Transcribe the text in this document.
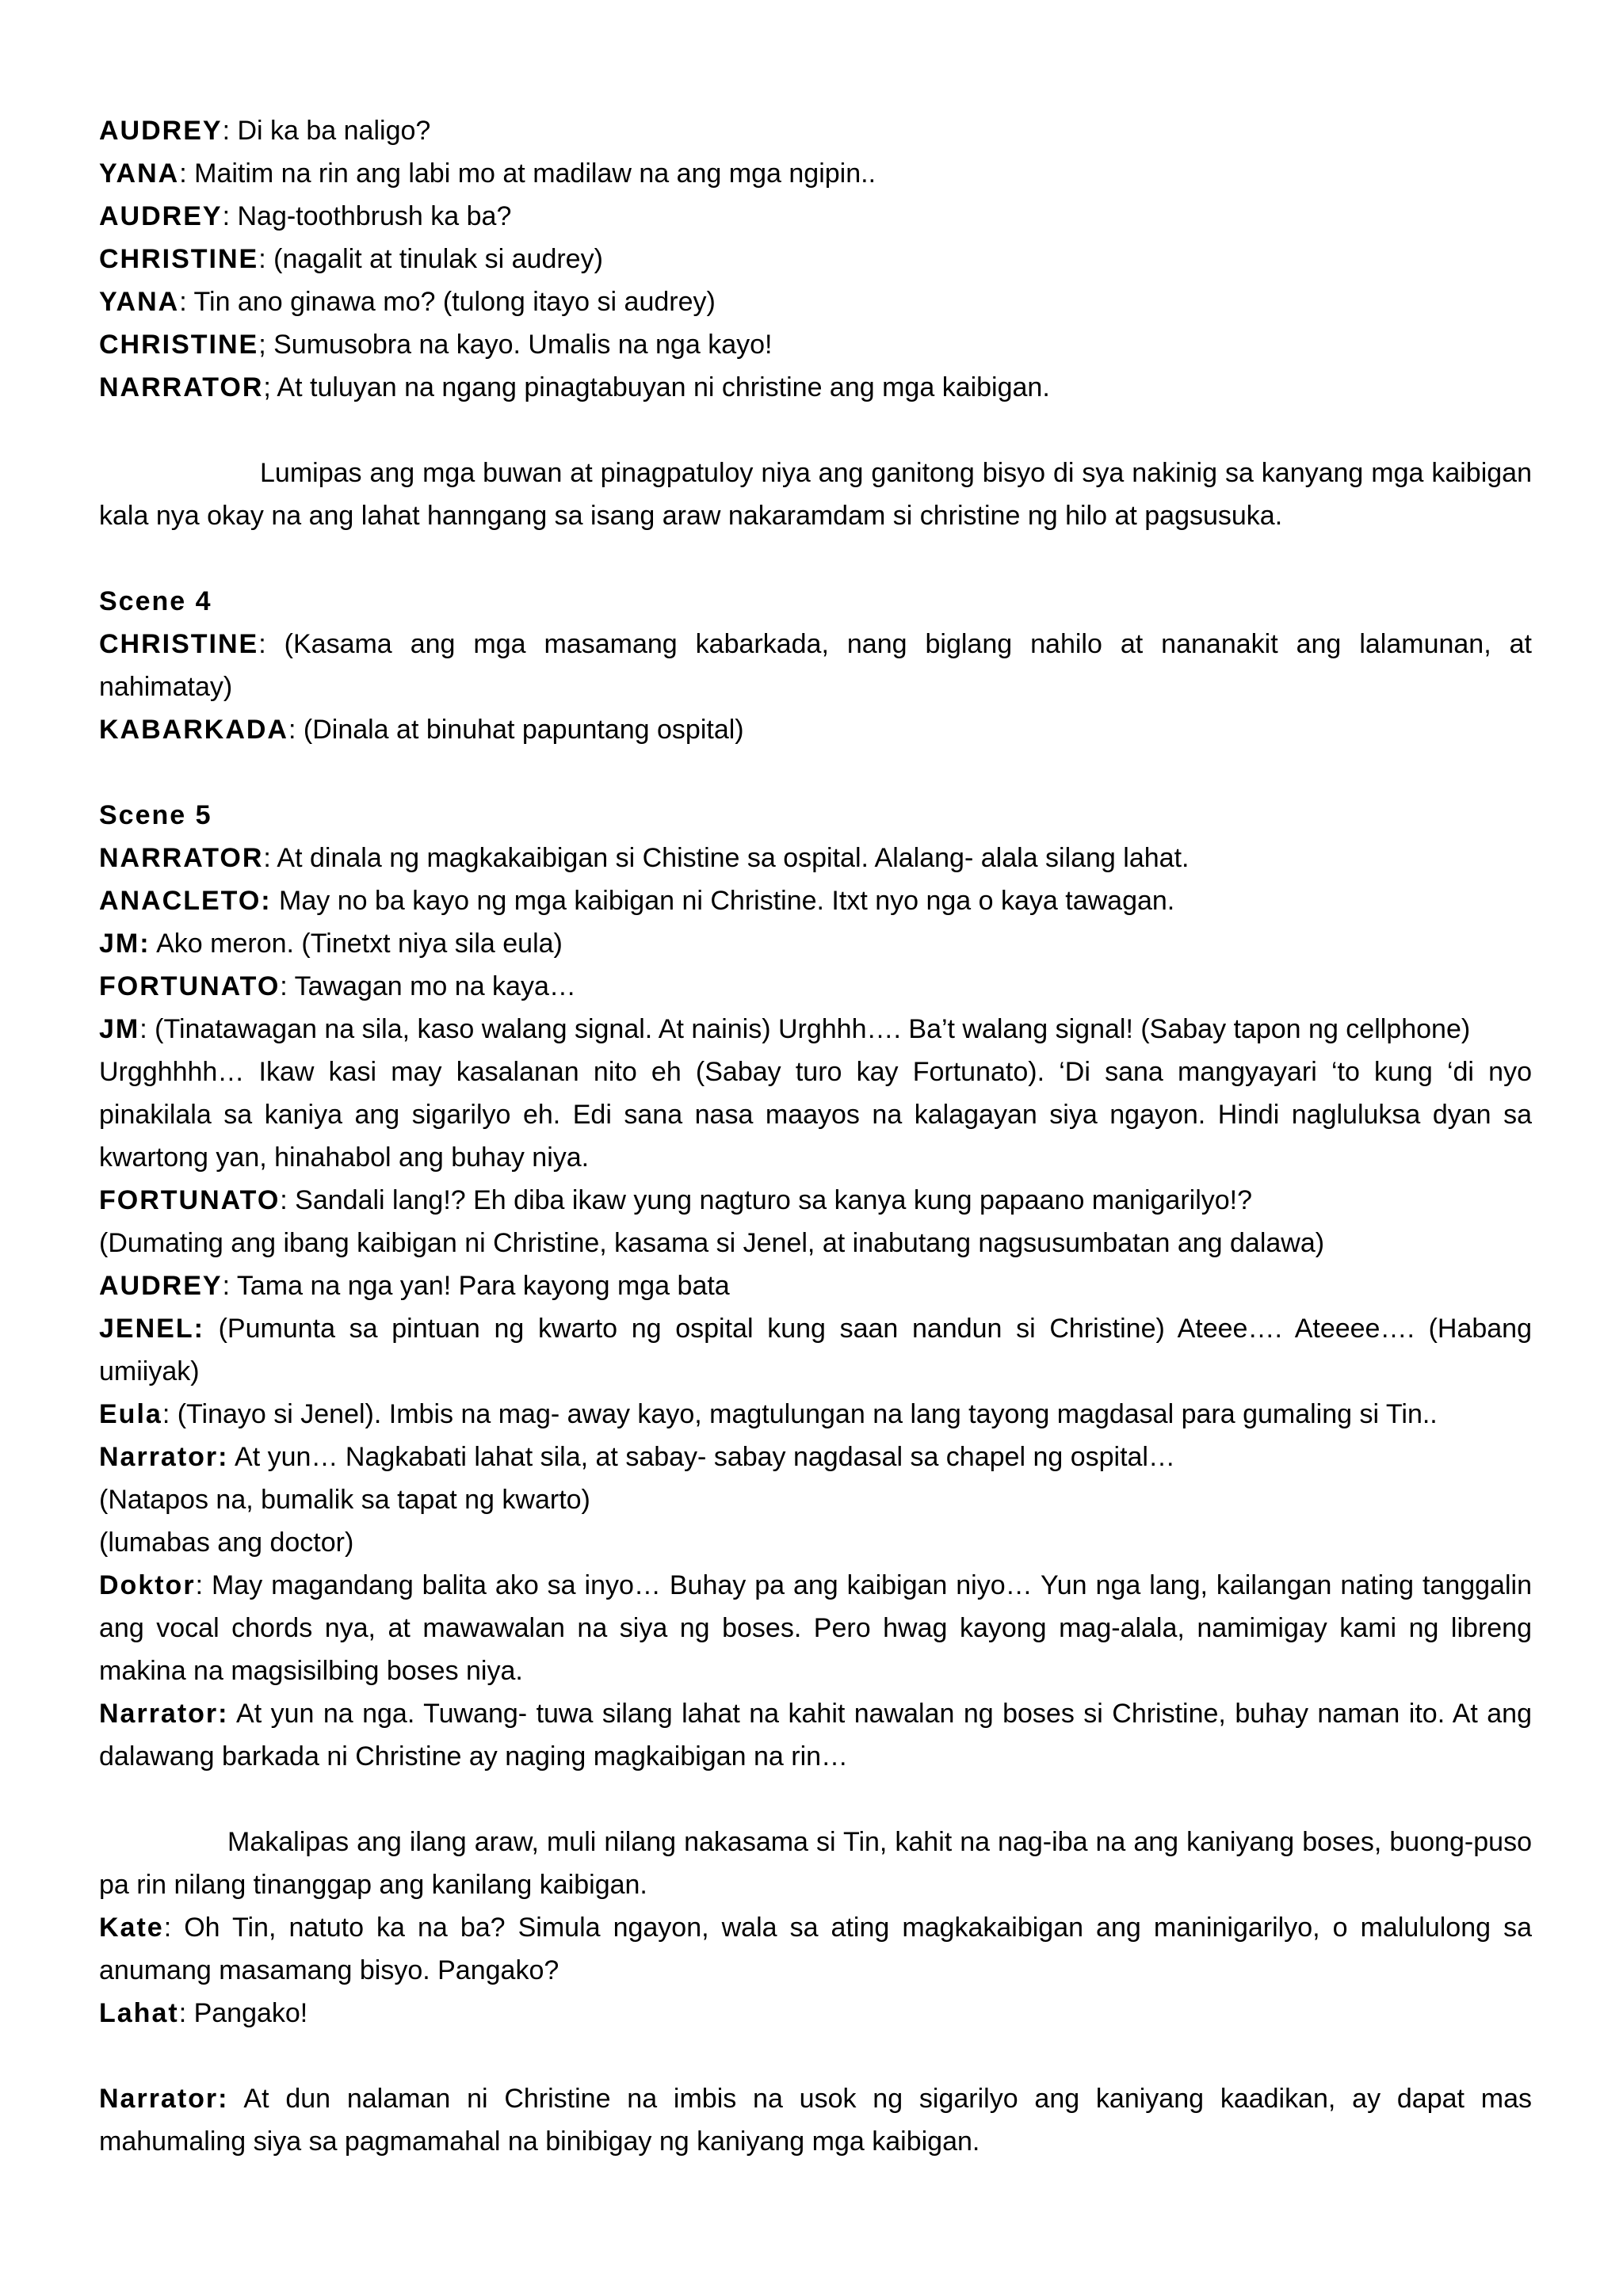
AUDREY: Di ka ba naligo?

YANA: Maitim na rin ang labi mo at madilaw na ang mga ngipin..

AUDREY: Nag-toothbrush ka ba?

CHRISTINE: (nagalit at tinulak si audrey)

YANA: Tin ano ginawa mo? (tulong itayo si audrey)

CHRISTINE; Sumusobra na kayo. Umalis na nga kayo!

NARRATOR; At tuluyan na ngang pinagtabuyan ni christine ang mga kaibigan.

Lumipas ang mga buwan at pinagpatuloy niya ang ganitong bisyo di sya nakinig sa kanyang mga kaibigan kala nya okay na ang lahat hanngang sa isang araw nakaramdam si christine ng hilo at pagsusuka.

Scene 4

CHRISTINE: (Kasama ang mga masamang kabarkada, nang biglang nahilo at nananakit ang lalamunan, at nahimatay)

KABARKADA: (Dinala at binuhat papuntang ospital)

Scene 5

NARRATOR: At dinala ng magkakaibigan si Chistine sa ospital. Alalang- alala silang lahat.

ANACLETO: May no ba kayo ng mga kaibigan ni Christine. Itxt nyo nga o kaya tawagan.

JM: Ako meron. (Tinetxt niya sila eula)

FORTUNATO: Tawagan mo na kaya…

JM: (Tinatawagan na sila, kaso walang signal. At nainis) Urghhh…. Ba’t walang signal! (Sabay tapon ng cellphone)

Urgghhhh… Ikaw kasi may kasalanan nito eh (Sabay turo kay Fortunato). ‘Di sana mangyayari ‘to kung ‘di nyo pinakilala sa kaniya ang sigarilyo eh. Edi sana nasa maayos na kalagayan siya ngayon. Hindi nagluluksa dyan sa kwartong yan, hinahabol ang buhay niya.

FORTUNATO: Sandali lang!? Eh diba ikaw yung nagturo sa kanya kung papaano manigarilyo!?

(Dumating ang ibang kaibigan ni Christine, kasama si Jenel, at inabutang nagsusumbatan ang dalawa)

AUDREY: Tama na nga yan! Para kayong mga bata

JENEL: (Pumunta sa pintuan ng kwarto ng ospital kung saan nandun si Christine) Ateee…. Ateeee…. (Habang umiiyak)

Eula: (Tinayo si Jenel). Imbis na mag- away kayo, magtulungan na lang tayong magdasal para gumaling si Tin..

Narrator: At yun… Nagkabati lahat sila, at sabay- sabay nagdasal sa chapel ng ospital…

(Natapos na, bumalik sa tapat ng kwarto)

(lumabas ang doctor)

Doktor: May magandang balita ako sa inyo… Buhay pa ang kaibigan niyo… Yun nga lang, kailangan nating tanggalin ang vocal chords nya, at mawawalan na siya ng boses. Pero hwag kayong mag-alala, namimigay kami ng libreng makina na magsisilbing boses niya.

Narrator: At yun na nga. Tuwang- tuwa silang lahat na kahit nawalan ng boses si Christine, buhay naman ito. At ang dalawang barkada ni Christine ay naging magkaibigan na rin…

Makalipas ang ilang araw, muli nilang nakasama si Tin, kahit na nag-iba na ang kaniyang boses, buong-puso pa rin nilang tinanggap ang kanilang kaibigan.

Kate: Oh Tin, natuto ka na ba? Simula ngayon, wala sa ating magkakaibigan ang maninigarilyo, o malululong sa anumang masamang bisyo. Pangako?

Lahat: Pangako!

Narrator: At dun nalaman ni Christine na imbis na usok ng sigarilyo ang kaniyang kaadikan, ay dapat mas mahumaling siya sa pagmamahal na binibigay ng kaniyang mga kaibigan.
